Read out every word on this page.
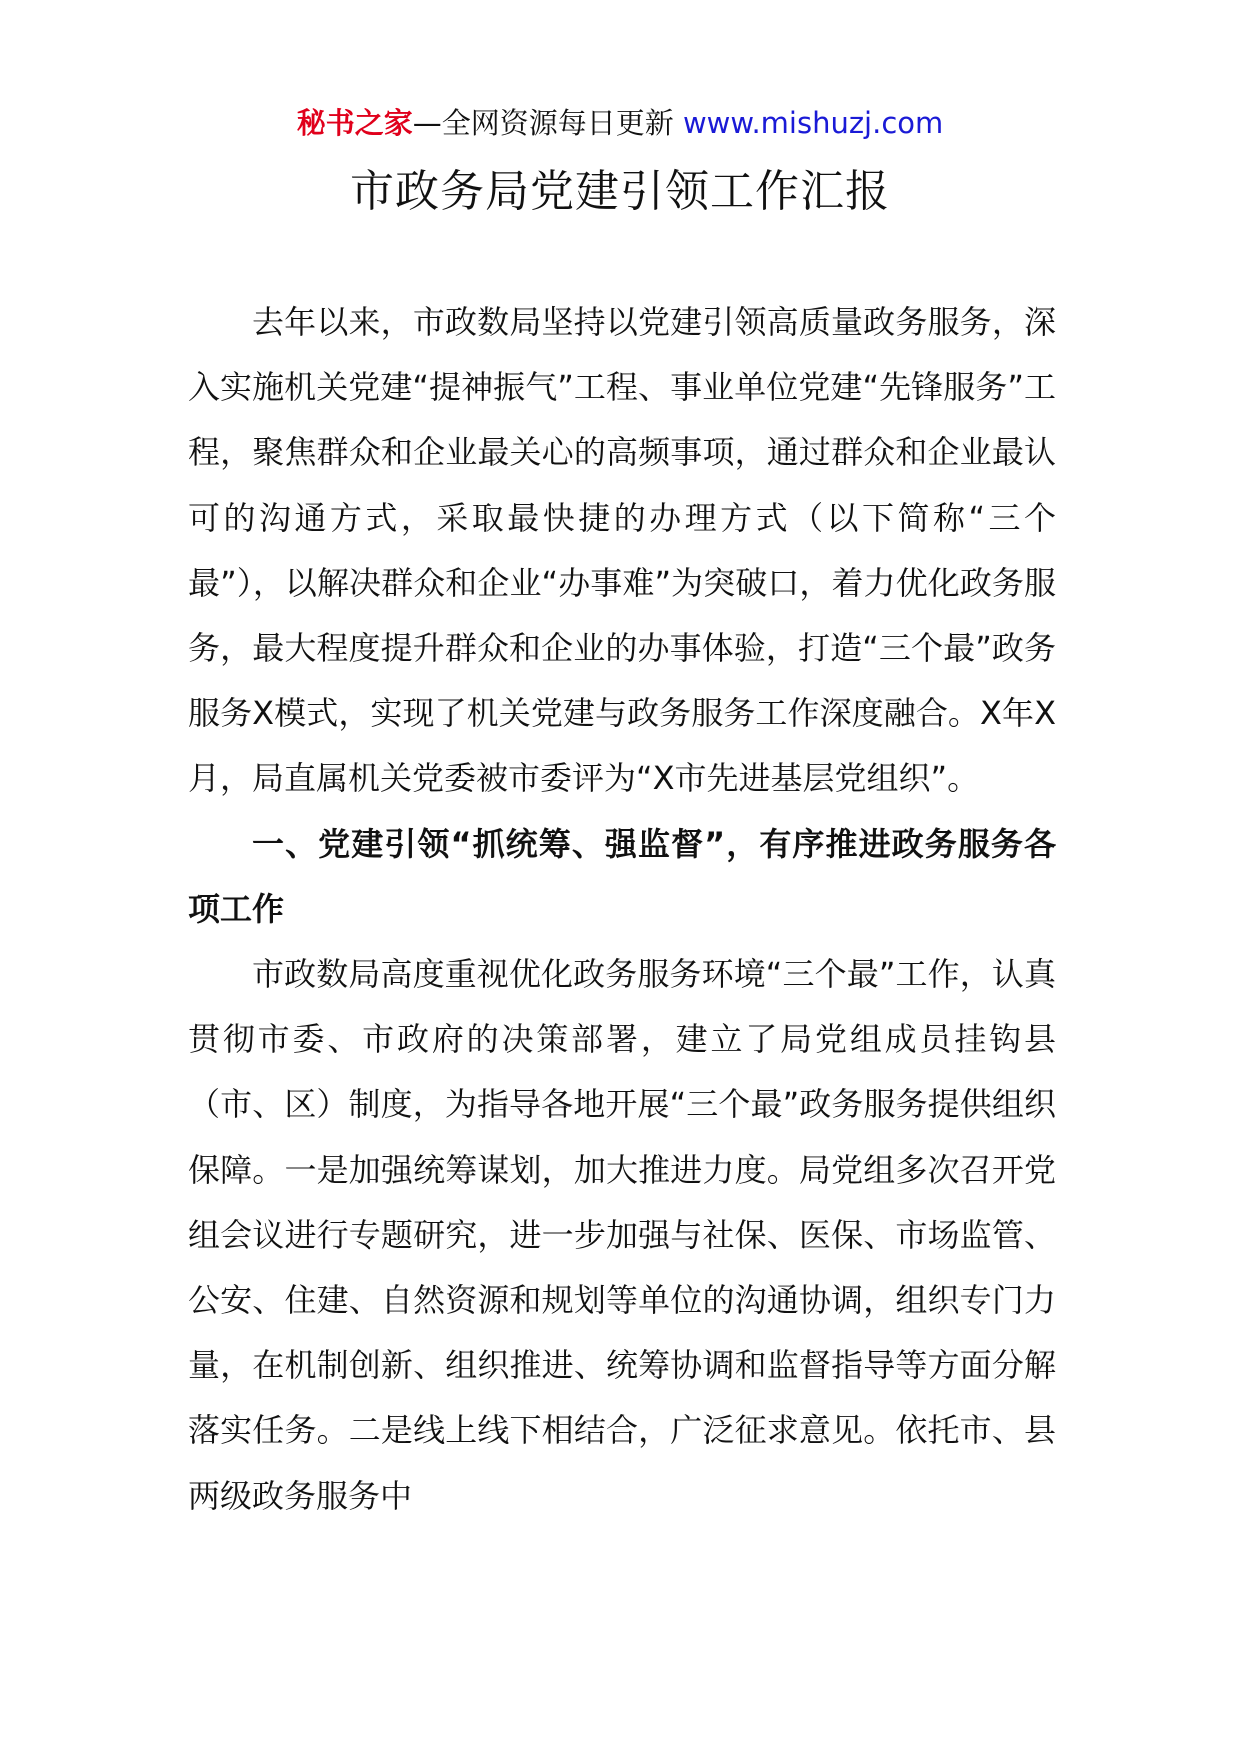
秘书之家—全网资源每日更新 www.mishuzj.com
市政务局党建引领工作汇报

去年以来，市政数局坚持以党建引领高质量政务服务，深入实施机关党建“提神振气”工程、事业单位党建“先锋服务”工程，聚焦群众和企业最关心的高频事项，通过群众和企业最认可的沟通方式，采取最快捷的办理方式（以下简称“三个最”），以解决群众和企业“办事难”为突破口，着力优化政务服务，最大程度提升群众和企业的办事体验，打造“三个最”政务服务X模式，实现了机关党建与政务服务工作深度融合。X年X月，局直属机关党委被市委评为“X市先进基层党组织”。

一、党建引领“抓统筹、强监督”，有序推进政务服务各项工作

市政数局高度重视优化政务服务环境“三个最”工作，认真贯彻市委、市政府的决策部署，建立了局党组成员挂钩县（市、区）制度，为指导各地开展“三个最”政务服务提供组织保障。一是加强统筹谋划，加大推进力度。局党组多次召开党组会议进行专题研究，进一步加强与社保、医保、市场监管、公安、住建、自然资源和规划等单位的沟通协调，组织专门力量，在机制创新、组织推进、统筹协调和监督指导等方面分解落实任务。二是线上线下相结合，广泛征求意见。依托市、县两级政务服务中
